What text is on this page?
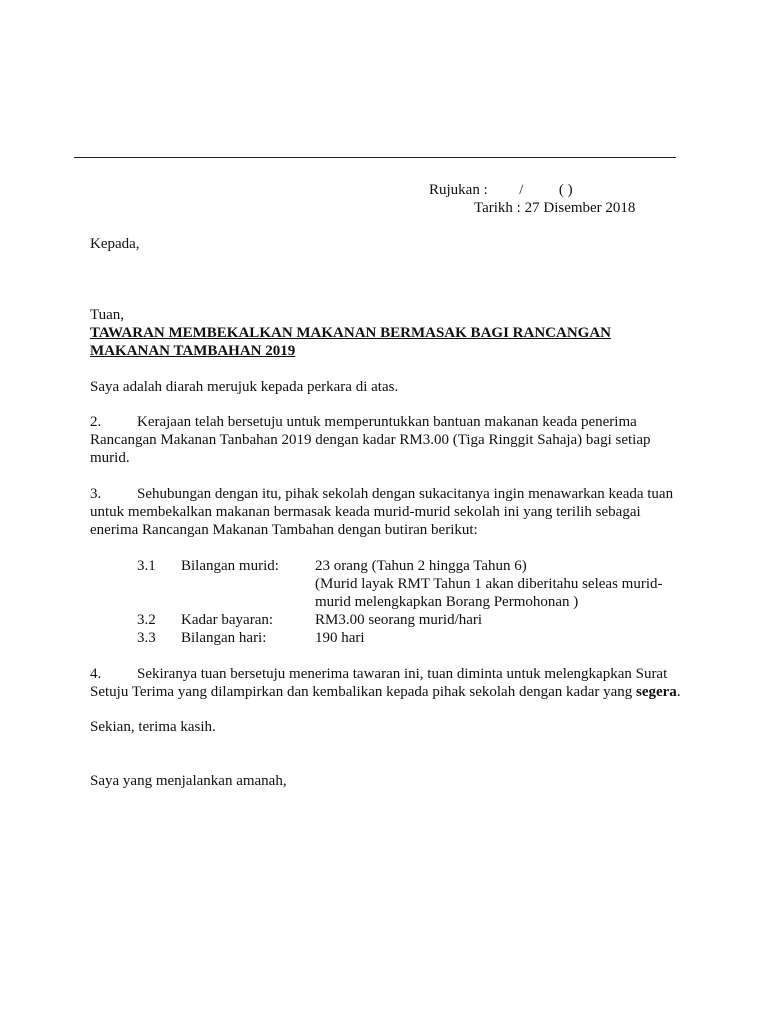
Rujukan : / ( )
Tarikh : 27 Disember 2018
Kepada,
Tuan,
TAWARAN MEMBEKALKAN MAKANAN BERMASAK BAGI RANCANGAN
MAKANAN TAMBAHAN 2019
Saya adalah diarah merujuk kepada perkara di atas.
2. Kerajaan telah bersetuju untuk memperuntukkan bantuan makanan keada penerima
Rancangan Makanan Tanbahan 2019 dengan kadar RM3.00 (Tiga Ringgit Sahaja) bagi setiap
murid.
3. Sehubungan dengan itu, pihak sekolah dengan sukacitanya ingin menawarkan keada tuan
untuk membekalkan makanan bermasak keada murid-murid sekolah ini yang terilih sebagai
enerima Rancangan Makanan Tambahan dengan butiran berikut:
3.1 Bilangan murid: 23 orang (Tahun 2 hingga Tahun 6)
(Murid layak RMT Tahun 1 akan diberitahu seleas murid-
murid melengkapkan Borang Permohonan )
3.2 Kadar bayaran:	RM3.00 seorang murid/hari
3.3 Bilangan hari:	190 hari
4. Sekiranya tuan bersetuju menerima tawaran ini, tuan diminta untuk melengkapkan Surat
Setuju Terima yang dilampirkan dan kembalikan kepada pihak sekolah dengan kadar yang segera.
Sekian, terima kasih.
Saya yang menjalankan amanah,
